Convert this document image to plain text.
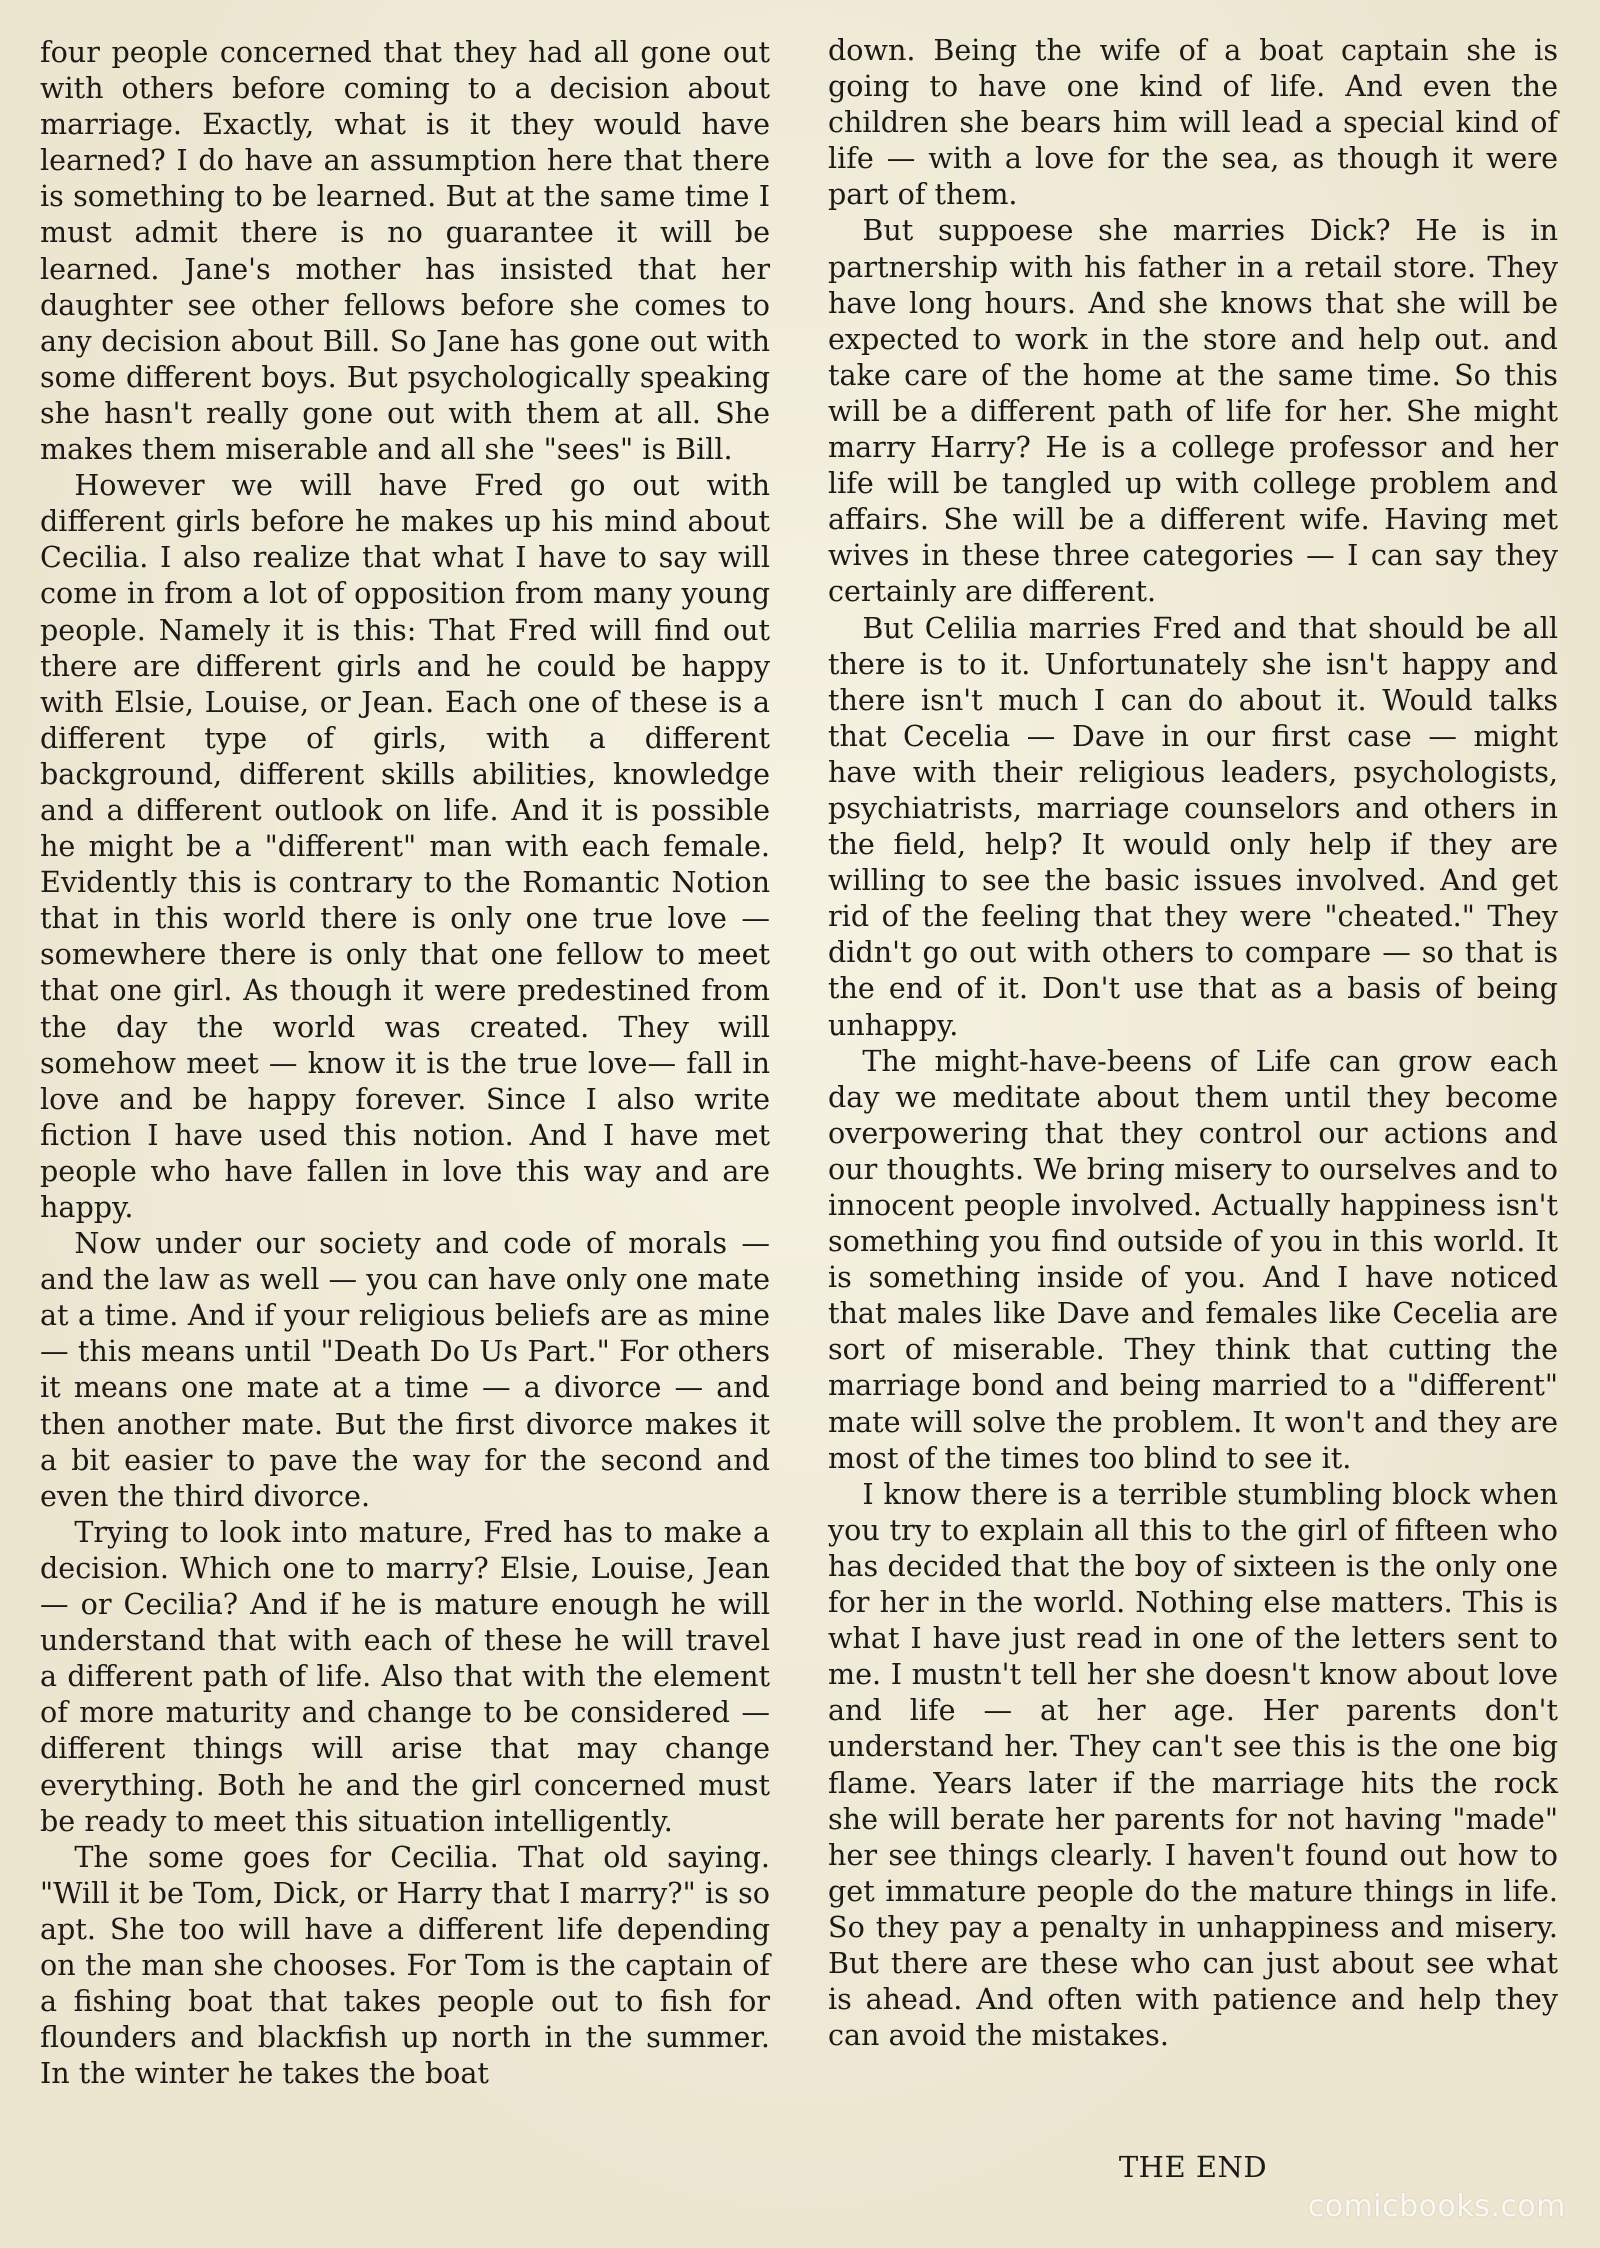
four people concerned that they had all gone out with others before coming to a decision about marriage. Exactly, what is it they would have learned? I do have an assumption here that there is something to be learned. But at the same time I must admit there is no guarantee it will be learned. Jane's mother has insisted that her daughter see other fellows before she comes to any decision about Bill. So Jane has gone out with some different boys. But psychologically speaking she hasn't really gone out with them at all. She makes them miserable and all she "sees" is Bill.

However we will have Fred go out with different girls before he makes up his mind about Cecilia. I also realize that what I have to say will come in from a lot of opposition from many young people. Namely it is this: That Fred will find out there are different girls and he could be happy with Elsie, Louise, or Jean. Each one of these is a different type of girls, with a different background, different skills abilities, knowledge and a different outlook on life. And it is possible he might be a "different" man with each female. Evidently this is contrary to the Romantic Notion that in this world there is only one true love — somewhere there is only that one fellow to meet that one girl. As though it were predestined from the day the world was created. They will somehow meet — know it is the true love— fall in love and be happy forever. Since I also write fiction I have used this notion. And I have met people who have fallen in love this way and are happy.

Now under our society and code of morals — and the law as well — you can have only one mate at a time. And if your religious beliefs are as mine — this means until "Death Do Us Part." For others it means one mate at a time — a divorce — and then another mate. But the first divorce makes it a bit easier to pave the way for the second and even the third divorce.

Trying to look into mature, Fred has to make a decision. Which one to marry? Elsie, Louise, Jean — or Cecilia? And if he is mature enough he will understand that with each of these he will travel a different path of life. Also that with the element of more maturity and change to be considered — different things will arise that may change everything. Both he and the girl concerned must be ready to meet this situation intelligently.

The some goes for Cecilia. That old saying. "Will it be Tom, Dick, or Harry that I marry?" is so apt. She too will have a different life depending on the man she chooses. For Tom is the captain of a fishing boat that takes people out to fish for flounders and blackfish up north in the summer. In the winter he takes the boat

down. Being the wife of a boat captain she is going to have one kind of life. And even the children she bears him will lead a special kind of life — with a love for the sea, as though it were part of them.

But suppoese she marries Dick? He is in partnership with his father in a retail store. They have long hours. And she knows that she will be expected to work in the store and help out. and take care of the home at the same time. So this will be a different path of life for her. She might marry Harry? He is a college professor and her life will be tangled up with college problem and affairs. She will be a different wife. Having met wives in these three categories — I can say they certainly are different.

But Celilia marries Fred and that should be all there is to it. Unfortunately she isn't happy and there isn't much I can do about it. Would talks that Cecelia — Dave in our first case — might have with their religious leaders, psychologists, psychiatrists, marriage counselors and others in the field, help? It would only help if they are willing to see the basic issues involved. And get rid of the feeling that they were "cheated." They didn't go out with others to compare — so that is the end of it. Don't use that as a basis of being unhappy.

The might-have-beens of Life can grow each day we meditate about them until they become overpowering that they control our actions and our thoughts. We bring misery to ourselves and to innocent people involved. Actually happiness isn't something you find outside of you in this world. It is something inside of you. And I have noticed that males like Dave and females like Cecelia are sort of miserable. They think that cutting the marriage bond and being married to a "different" mate will solve the problem. It won't and they are most of the times too blind to see it.

I know there is a terrible stumbling block when you try to explain all this to the girl of fifteen who has decided that the boy of sixteen is the only one for her in the world. Nothing else matters. This is what I have just read in one of the letters sent to me. I mustn't tell her she doesn't know about love and life — at her age. Her parents don't understand her. They can't see this is the one big flame. Years later if the marriage hits the rock she will berate her parents for not having "made" her see things clearly. I haven't found out how to get immature people do the mature things in life. So they pay a penalty in unhappiness and misery. But there are these who can just about see what is ahead. And often with patience and help they can avoid the mistakes.

THE END
comicbooks.com
